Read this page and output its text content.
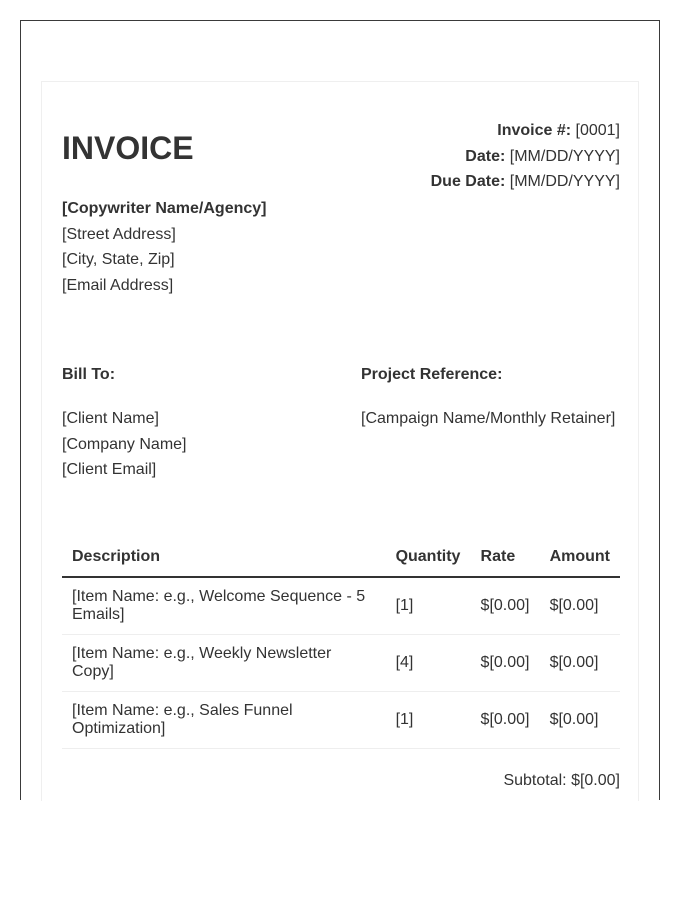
INVOICE	Invoice #: [0001]
Date: [MM/DD/YYYY]
Due Date: [MM/DD/YYYY]
[Copywriter Name/Agency]
[Street Address]
[City, State, Zip]
[Email Address]
Bill To:
[Client Name]
[Company Name]
[Client Email]
Project Reference:
[Campaign Name/Monthly Retainer]
Description	Quantity	Rate	Amount
[Item Name: e.g., Welcome Sequence - 5 Emails]	[1]	$[0.00]	$[0.00]
[Item Name: e.g., Weekly Newsletter Copy]	[4]	$[0.00]	$[0.00]
[Item Name: e.g., Sales Funnel Optimization]	[1]	$[0.00]	$[0.00]
Subtotal: $[0.00]
